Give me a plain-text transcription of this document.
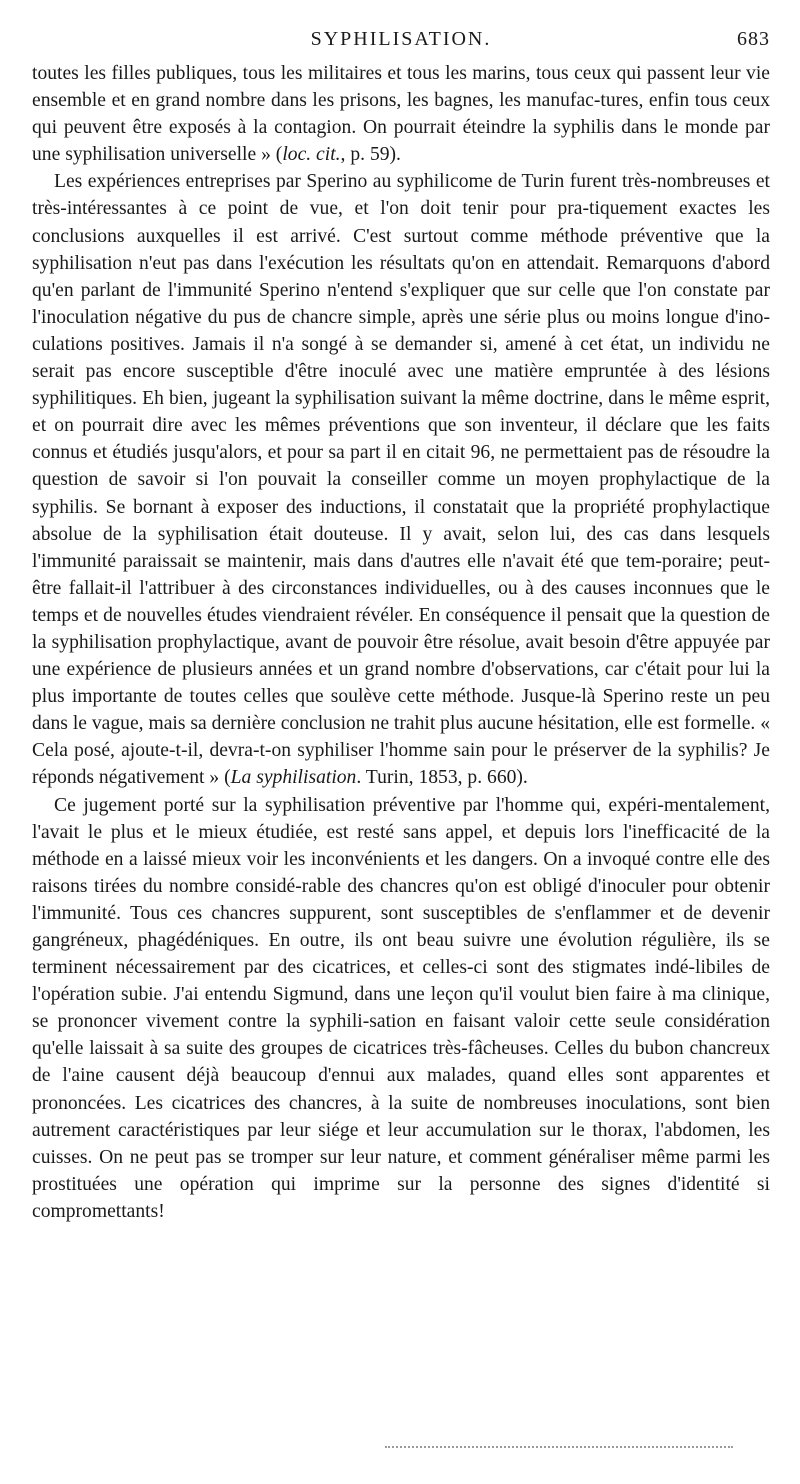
SYPHILISATION.	683

toutes les filles publiques, tous les militaires et tous les marins, tous ceux qui passent leur vie ensemble et en grand nombre dans les prisons, les bagnes, les manufac-tures, enfin tous ceux qui peuvent être exposés à la contagion. On pourrait éteindre la syphilis dans le monde par une syphilisation universelle » (loc. cit., p. 59).

Les expériences entreprises par Sperino au syphilicome de Turin furent très-nombreuses et très-intéressantes à ce point de vue, et l'on doit tenir pour pra-tiquement exactes les conclusions auxquelles il est arrivé. C'est surtout comme méthode préventive que la syphilisation n'eut pas dans l'exécution les résultats qu'on en attendait. Remarquons d'abord qu'en parlant de l'immunité Sperino n'entend s'expliquer que sur celle que l'on constate par l'inoculation négative du pus de chancre simple, après une série plus ou moins longue d'ino-culations positives. Jamais il n'a songé à se demander si, amené à cet état, un individu ne serait pas encore susceptible d'être inoculé avec une matière empruntée à des lésions syphilitiques. Eh bien, jugeant la syphilisation suivant la même doctrine, dans le même esprit, et on pourrait dire avec les mêmes préventions que son inventeur, il déclare que les faits connus et étudiés jusqu'alors, et pour sa part il en citait 96, ne permettaient pas de résoudre la question de savoir si l'on pouvait la conseiller comme un moyen prophylactique de la syphilis. Se bornant à exposer des inductions, il constatait que la propriété prophylactique absolue de la syphilisation était douteuse. Il y avait, selon lui, des cas dans lesquels l'immunité paraissait se maintenir, mais dans d'autres elle n'avait été que tem-poraire; peut-être fallait-il l'attribuer à des circonstances individuelles, ou à des causes inconnues que le temps et de nouvelles études viendraient révéler. En conséquence il pensait que la question de la syphilisation prophylactique, avant de pouvoir être résolue, avait besoin d'être appuyée par une expérience de plusieurs années et un grand nombre d'observations, car c'était pour lui la plus importante de toutes celles que soulève cette méthode. Jusque-là Sperino reste un peu dans le vague, mais sa dernière conclusion ne trahit plus aucune hésitation, elle est formelle. « Cela posé, ajoute-t-il, devra-t-on syphiliser l'homme sain pour le préserver de la syphilis? Je réponds négativement » (La syphilisation. Turin, 1853, p. 660).

Ce jugement porté sur la syphilisation préventive par l'homme qui, expéri-mentalement, l'avait le plus et le mieux étudiée, est resté sans appel, et depuis lors l'inefficacité de la méthode en a laissé mieux voir les inconvénients et les dangers. On a invoqué contre elle des raisons tirées du nombre considé-rable des chancres qu'on est obligé d'inoculer pour obtenir l'immunité. Tous ces chancres suppurent, sont susceptibles de s'enflammer et de devenir gangréneux, phagédéniques. En outre, ils ont beau suivre une évolution régulière, ils se terminent nécessairement par des cicatrices, et celles-ci sont des stigmates indé-libiles de l'opération subie. J'ai entendu Sigmund, dans une leçon qu'il voulut bien faire à ma clinique, se prononcer vivement contre la syphili-sation en faisant valoir cette seule considération qu'elle laissait à sa suite des groupes de cicatrices très-fâcheuses. Celles du bubon chancreux de l'aine causent déjà beaucoup d'ennui aux malades, quand elles sont apparentes et prononcées. Les cicatrices des chancres, à la suite de nombreuses inoculations, sont bien autrement caractéristiques par leur siége et leur accumulation sur le thorax, l'abdomen, les cuisses. On ne peut pas se tromper sur leur nature, et comment généraliser même parmi les prostituées une opération qui imprime sur la personne des signes d'identité si compromettants!
